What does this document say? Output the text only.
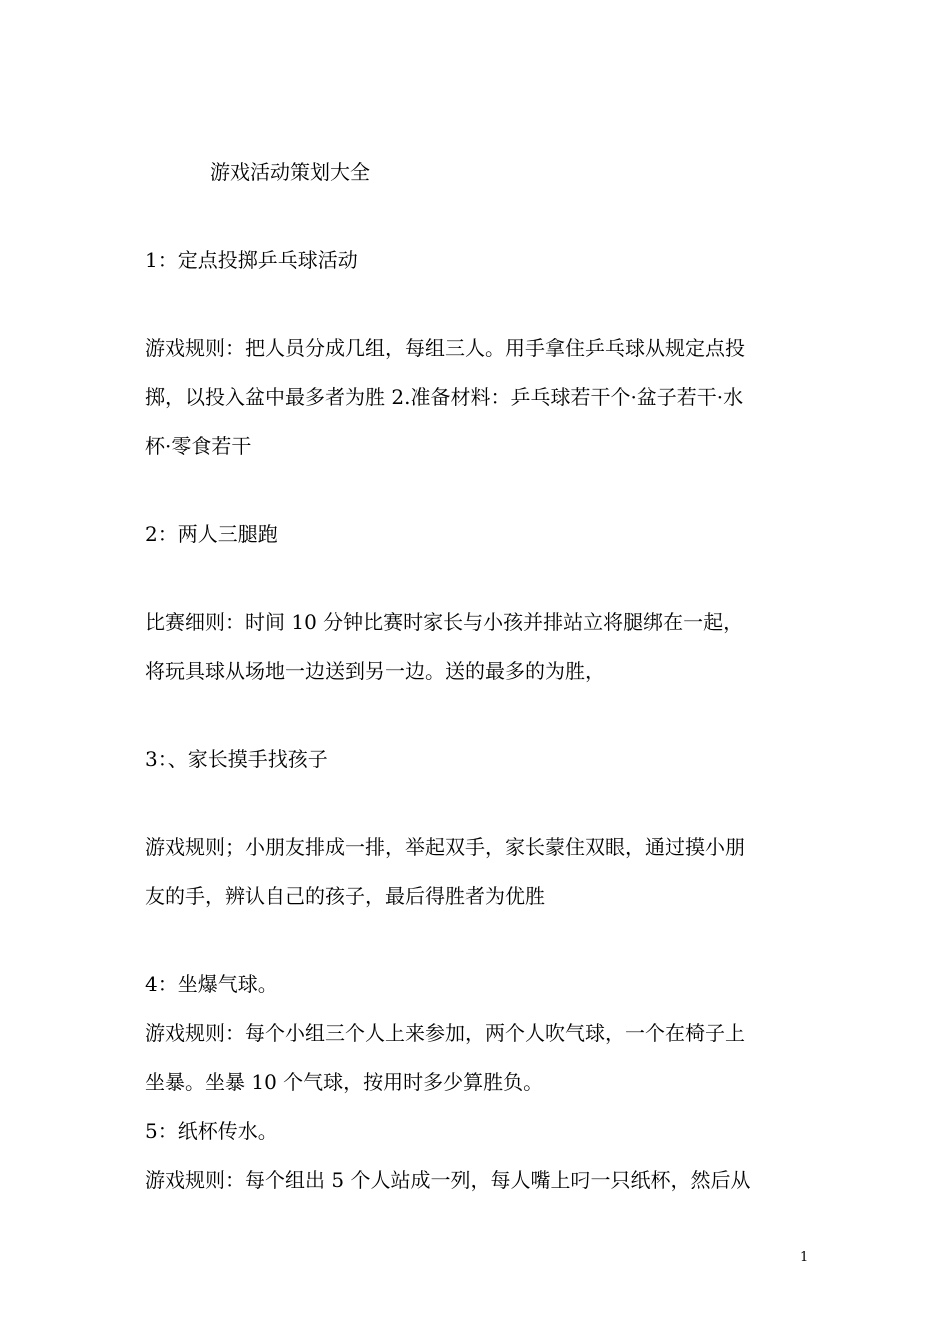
游戏活动策划大全

1：定点投掷乒乓球活动

游戏规则：把人员分成几组，每组三人。用手拿住乒乓球从规定点投

掷，以投入盆中最多者为胜 2.准备材料：乒乓球若干个·盆子若干·水

杯·零食若干

2：两人三腿跑

比赛细则：时间 10 分钟比赛时家长与小孩并排站立将腿绑在一起，

将玩具球从场地一边送到另一边。送的最多的为胜，

3：、家长摸手找孩子

游戏规则；小朋友排成一排，举起双手，家长蒙住双眼，通过摸小朋

友的手，辨认自己的孩子，最后得胜者为优胜

4：坐爆气球。

游戏规则：每个小组三个人上来参加，两个人吹气球，一个在椅子上

坐暴。坐暴 10 个气球，按用时多少算胜负。

5：纸杯传水。

游戏规则：每个组出 5 个人站成一列，每人嘴上叼一只纸杯，然后从

1
